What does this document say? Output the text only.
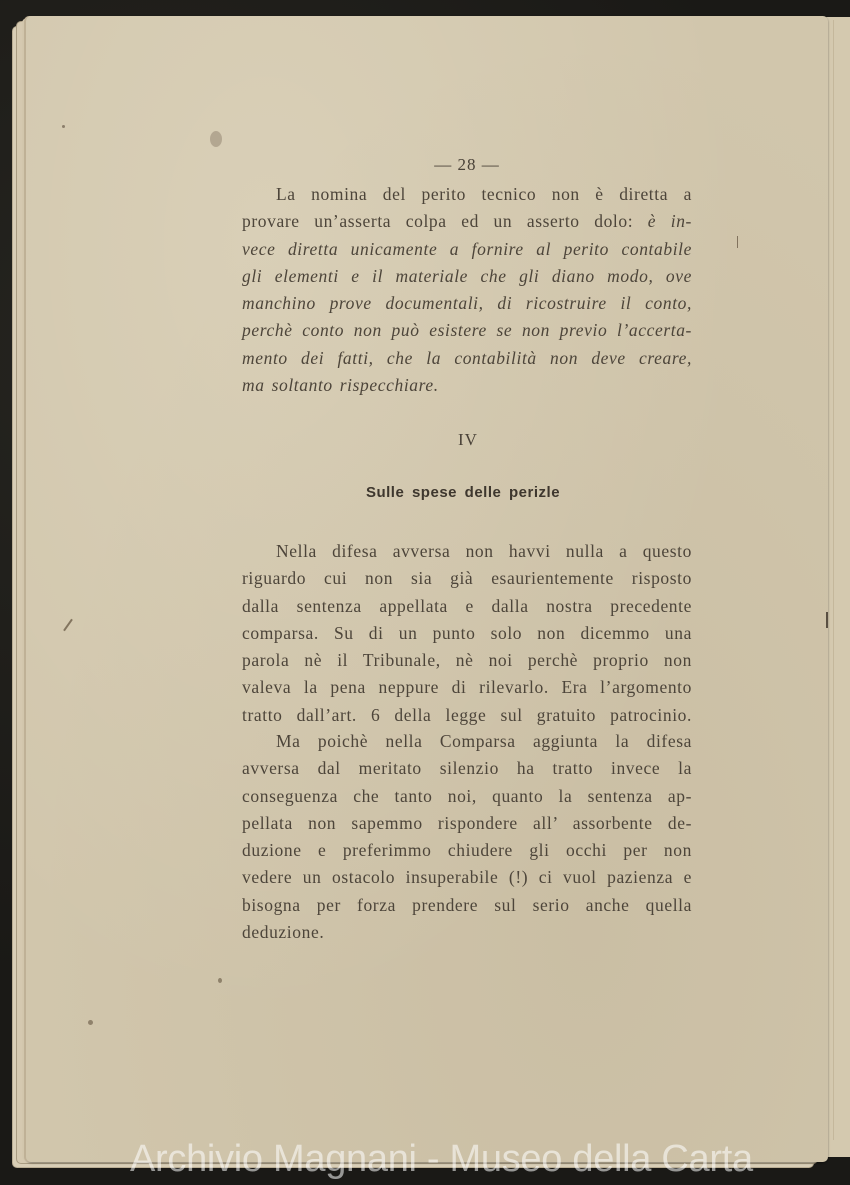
— 28 —
La nomina del perito tecnico non è diretta a
provare un’asserta colpa ed un asserto dolo: è in-
vece diretta unicamente a fornire al perito contabile
gli elementi e il materiale che gli diano modo, ove
manchino prove documentali, di ricostruire il conto,
perchè conto non può esistere se non previo l’accerta-
mento dei fatti, che la contabilità non deve creare,
ma soltanto rispecchiare.
IV
Sulle spese delle perizle
Nella difesa avversa non havvi nulla a questo
riguardo cui non sia già esaurientemente risposto
dalla sentenza appellata e dalla nostra precedente
comparsa. Su di un punto solo non dicemmo una
parola nè il Tribunale, nè noi perchè proprio non
valeva la pena neppure di rilevarlo. Era l’argomento
tratto dall’art. 6 della legge sul gratuito patrocinio.
Ma poichè nella Comparsa aggiunta la difesa
avversa dal meritato silenzio ha tratto invece la
conseguenza che tanto noi, quanto la sentenza ap-
pellata non sapemmo rispondere all’ assorbente de-
duzione e preferimmo chiudere gli occhi per non
vedere un ostacolo insuperabile (!) ci vuol pazienza e
bisogna per forza prendere sul serio anche quella
deduzione.
Archivio Magnani - Museo della Carta
